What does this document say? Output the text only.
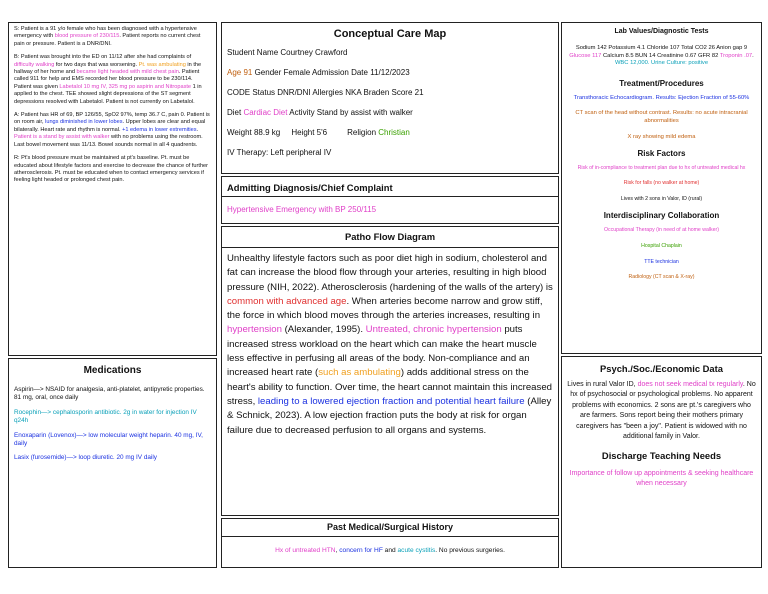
S: Patient is a 91 y/o female who has been diagnosed with a hypertensive emergency with blood pressure of 230/115. Patient reports no current chest pain or pressure. Patient is a DNR/DNI.

B: Patient was brought into the ED on 11/12 after she had complaints of difficulty walking for two days that was worsening. Pt. was ambulating in the hallway of her home and became light headed with mild chest pain. Patient called 911 for help and EMS recorded her blood pressure to be 230/114. Patient was given Labetalol 10 mg IV, 325 mg po aspirin and Nitropaste 1 in applied to the chest. TEE showed slight depressions of the ST segment depressions resolved with Labetalol. Patient is not currently on Labetalol.

A: Patient has HR of 69, BP 126/55, SpO2 97%, temp 36.7 C, pain 0. Patient is on room air, lungs diminished in lower lobes. Upper lobes are clear and equal bilaterally. Heart rate and rhythm is normal. +1 edema in lower extremities. Patient is a stand by assist with walker with no problems using the restroom. Last bowel movement was 11/13. Bowel sounds normal in all 4 quadrents.

R: Pt's blood pressure must be maintained at pt's baseline. Pt. must be educated about lifestyle factors and exercise to decrease the chance of further atherosclerosis. Pt. must be educated when to contact emergency services if feeling light headed or prolonged chest pain.

Medications

Aspirin—> NSAID for analgesia, anti-platelet, antipyretic properties. 81 mg, oral, once daily

Rocephin—> cephalosporin antibiotic. 2g in water for injection IV q24h

Enoxaparin (Lovenox)—> low molecular weight heparin. 40 mg, IV, daily

Lasix (furosemide)—> loop diuretic. 20 mg IV daily

Conceptual Care Map

Student Name Courtney Crawford

Age 91 Gender Female Admission Date 11/12/2023

CODE Status DNR/DNI Allergies NKA Braden Score 21

Diet Cardiac Diet Activity Stand by assist with walker

Weight 88.9 kg     Height 5'6         Religion Christian

IV Therapy: Left peripheral IV

Admitting Diagnosis/Chief Complaint
Hypertensive Emergency with BP 250/115
Patho Flow Diagram
Unhealthy lifestyle factors such as poor diet high in sodium, cholesterol and fat can increase the blood flow through your arteries, resulting in high blood pressure (NIH, 2022). Atherosclerosis (hardening of the walls of the artery) is common with advanced age. When arteries become narrow and grow stiff, the force in which blood moves through the arteries increases, resulting in hypertension (Alexander, 1995). Untreated, chronic hypertension puts increased stress workload on the heart which can make the heart muscle less effective in perfusing all areas of the body. Non-compliance and an increased heart rate (such as ambulating) adds additional stress on the heart's ability to function. Over time, the heart cannot maintain this increased stress, leading to a lowered ejection fraction and potential heart failure (Alley & Schnick, 2023). A low ejection fraction puts the body at risk for organ failure due to decreased perfusion to all organs and systems.
Past Medical/Surgical History
Hx of untreated HTN, concern for HF and acute cystitis. No previous surgeries.
Lab Values/Diagnostic Tests
Sodium 142 Potassium 4.1 Chloride 107 Total CO2 26 Anion gap 9 Glucose 117 Calcium 8.5 BUN 14 Creatinine 0.67 GFR 82 Troponin .07. WBC 12,000. Urine Culture: positive
Treatment/Procedures
Transthoracic Echocardiogram. Results: Ejection Fraction of 55-60%
CT scan of the head without contrast. Results: no acute intracranial abnormalities
X ray showing mild edema
Risk Factors
Risk of in-compliance to treatment plan due to hx of untreated medical hx
Risk for falls (no walker at home)
Lives with 2 sons in Valor, ID (rural)
Interdisciplinary Collaboration
Occupational Therapy (in need of at home walker)
Hospital Chaplain
TTE technician
Radiology (CT scan & X-ray)
Psych./Soc./Economic Data
Lives in rural Valor ID, does not seek medical tx regularly. No hx of psychosocial or psychological problems. No apparent problems with economics. 2 sons are pt.'s caregivers who are farmers. Sons report being their mothers primary caregivers has "been a joy". Patient is widowed with no additional family in Valor.
Discharge Teaching Needs
Importance of follow up appointments & seeking healthcare when necessary
